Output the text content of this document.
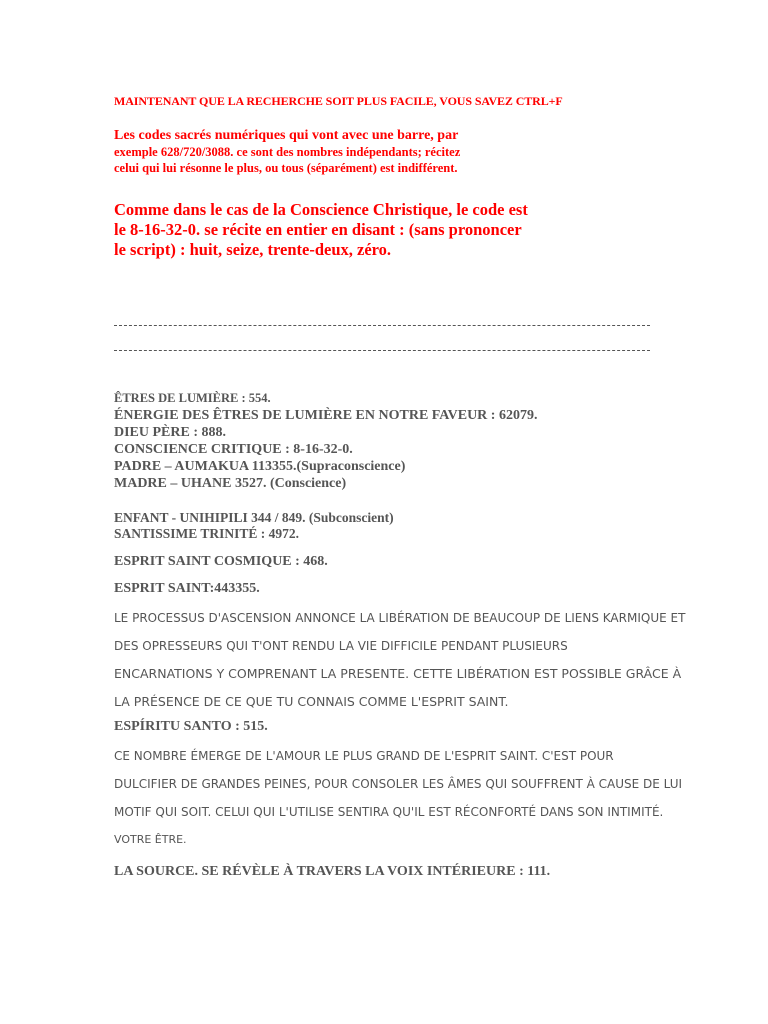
MAINTENANT QUE LA RECHERCHE SOIT PLUS FACILE, VOUS SAVEZ CTRL+F

Les codes sacrés numériques qui vont avec une barre, par
exemple 628/720/3088. ce sont des nombres indépendants; récitez
celui qui lui résonne le plus, ou tous (séparément) est indifférent.

Comme dans le cas de la Conscience Christique, le code est
le 8-16-32-0. se récite en entier en disant : (sans prononcer
le script) : huit, seize, trente-deux, zéro.

ÊTRES DE LUMIÈRE : 554.
ÉNERGIE DES ÊTRES DE LUMIÈRE EN NOTRE FAVEUR : 62079.
DIEU PÈRE : 888.
CONSCIENCE CRITIQUE : 8-16-32-0.
PADRE – AUMAKUA 113355.(Supraconscience)
MADRE – UHANE 3527. (Conscience)

ENFANT - UNIHIPILI 344 / 849. (Subconscient)
SANTISSIME TRINITÉ : 4972.

ESPRIT SAINT COSMIQUE : 468.

ESPRIT SAINT:443355.

LE PROCESSUS D'ASCENSION ANNONCE LA LIBÉRATION DE BEAUCOUP DE LIENS KARMIQUE ET
DES OPRESSEURS QUI T'ONT RENDU LA VIE DIFFICILE PENDANT PLUSIEURS
ENCARNATIONS Y COMPRENANT LA PRESENTE. CETTE LIBÉRATION EST POSSIBLE GRÂCE À
LA PRÉSENCE DE CE QUE TU CONNAIS COMME L'ESPRIT SAINT.

ESPÍRITU SANTO : 515.

CE NOMBRE ÉMERGE DE L'AMOUR LE PLUS GRAND DE L'ESPRIT SAINT. C'EST POUR
DULCIFIER DE GRANDES PEINES, POUR CONSOLER LES ÂMES QUI SOUFFRENT À CAUSE DE LUI
MOTIF QUI SOIT. CELUI QUI L'UTILISE SENTIRA QU'IL EST RÉCONFORTÉ DANS SON INTIMITÉ.
VOTRE ÊTRE.

LA SOURCE. SE RÉVÈLE À TRAVERS LA VOIX INTÉRIEURE : 111.
